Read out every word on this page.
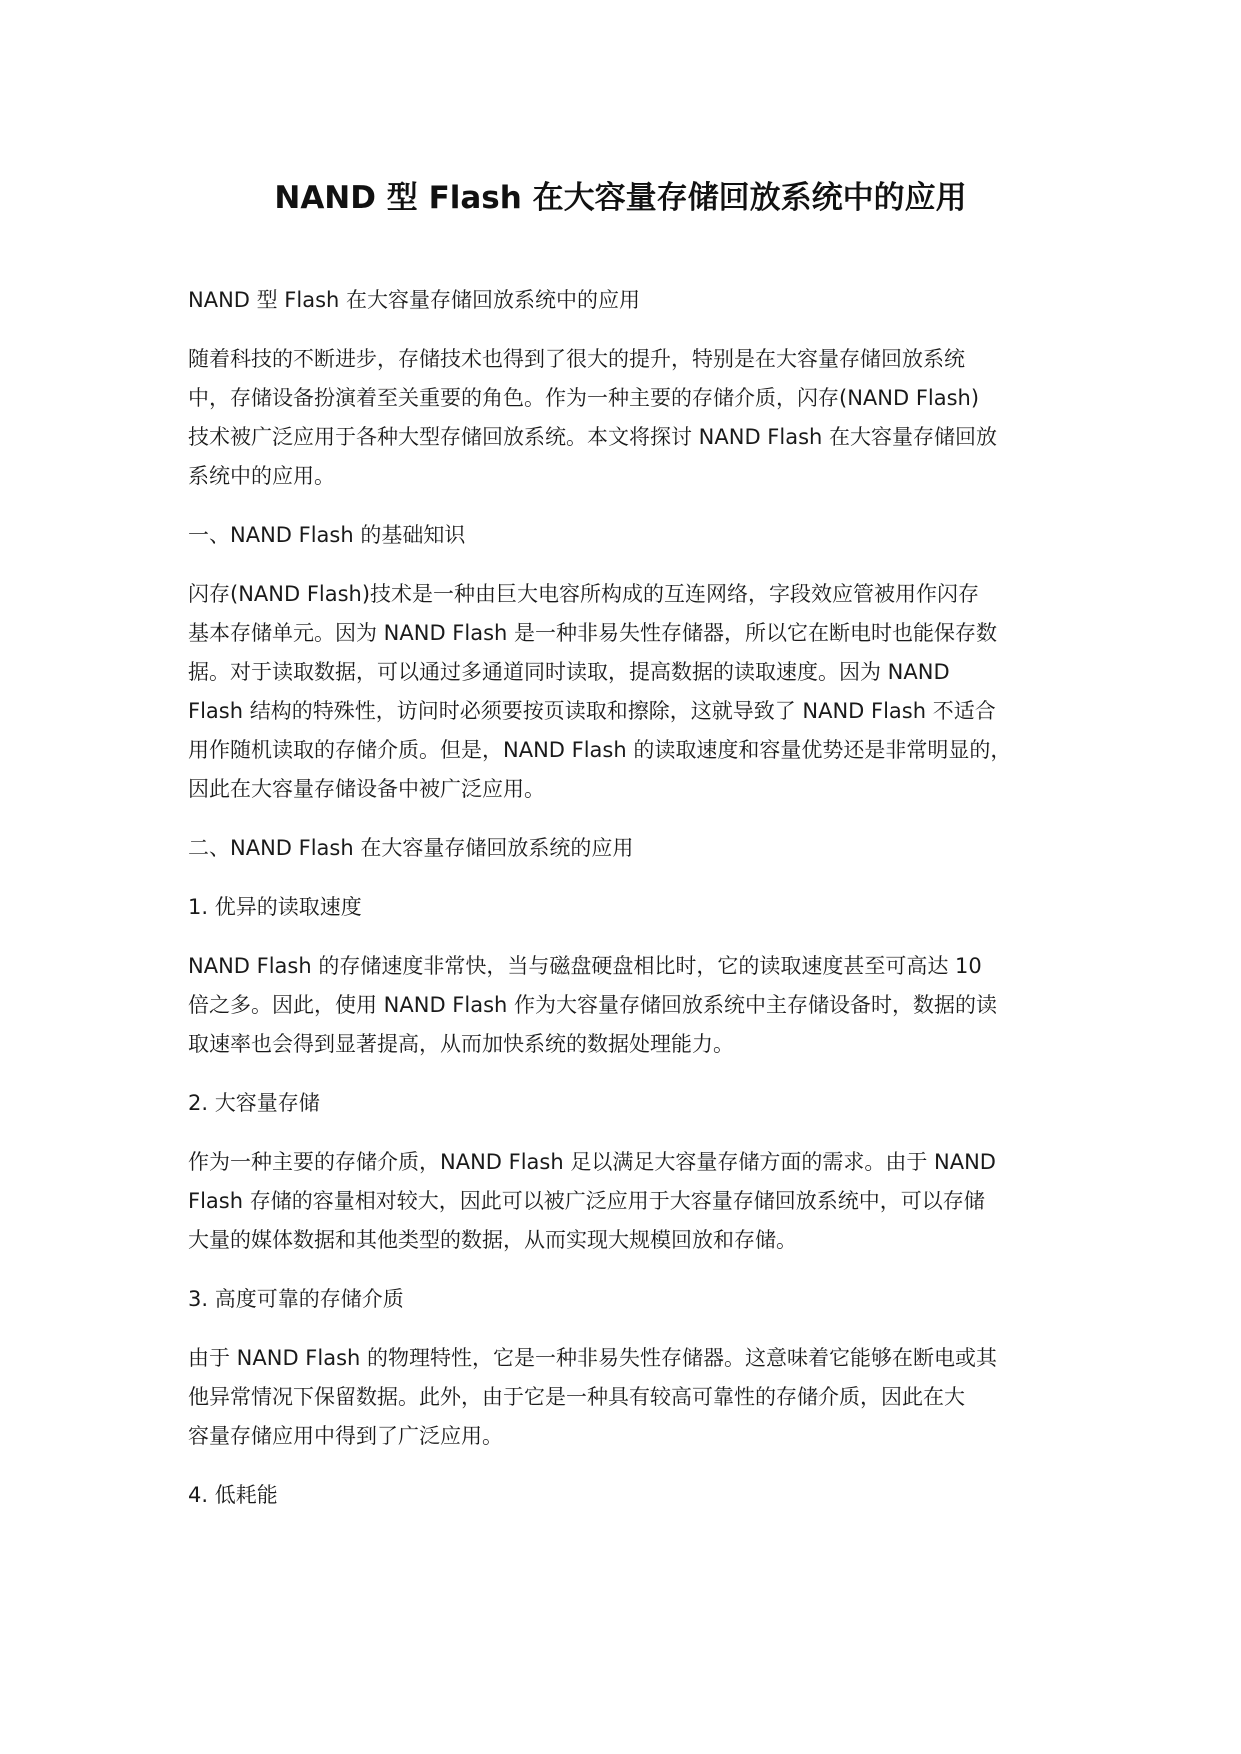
NAND 型 Flash 在大容量存储回放系统中的应用

NAND 型 Flash 在大容量存储回放系统中的应用

随着科技的不断进步，存储技术也得到了很大的提升，特别是在大容量存储回放系统

中，存储设备扮演着至关重要的角色。作为一种主要的存储介质，闪存(NAND Flash)

技术被广泛应用于各种大型存储回放系统。本文将探讨 NAND Flash 在大容量存储回放

系统中的应用。

一、NAND Flash 的基础知识

闪存(NAND Flash)技术是一种由巨大电容所构成的互连网络，字段效应管被用作闪存

基本存储单元。因为 NAND Flash 是一种非易失性存储器，所以它在断电时也能保存数

据。对于读取数据，可以通过多通道同时读取，提高数据的读取速度。因为 NAND

Flash 结构的特殊性，访问时必须要按页读取和擦除，这就导致了 NAND Flash 不适合

用作随机读取的存储介质。但是，NAND Flash 的读取速度和容量优势还是非常明显的，

因此在大容量存储设备中被广泛应用。

二、NAND Flash 在大容量存储回放系统的应用

1. 优异的读取速度

NAND Flash 的存储速度非常快，当与磁盘硬盘相比时，它的读取速度甚至可高达 10

倍之多。因此，使用 NAND Flash 作为大容量存储回放系统中主存储设备时，数据的读

取速率也会得到显著提高，从而加快系统的数据处理能力。

2. 大容量存储

作为一种主要的存储介质，NAND Flash 足以满足大容量存储方面的需求。由于 NAND

Flash 存储的容量相对较大，因此可以被广泛应用于大容量存储回放系统中，可以存储

大量的媒体数据和其他类型的数据，从而实现大规模回放和存储。

3. 高度可靠的存储介质

由于 NAND Flash 的物理特性，它是一种非易失性存储器。这意味着它能够在断电或其

他异常情况下保留数据。此外，由于它是一种具有较高可靠性的存储介质，因此在大

容量存储应用中得到了广泛应用。

4. 低耗能
